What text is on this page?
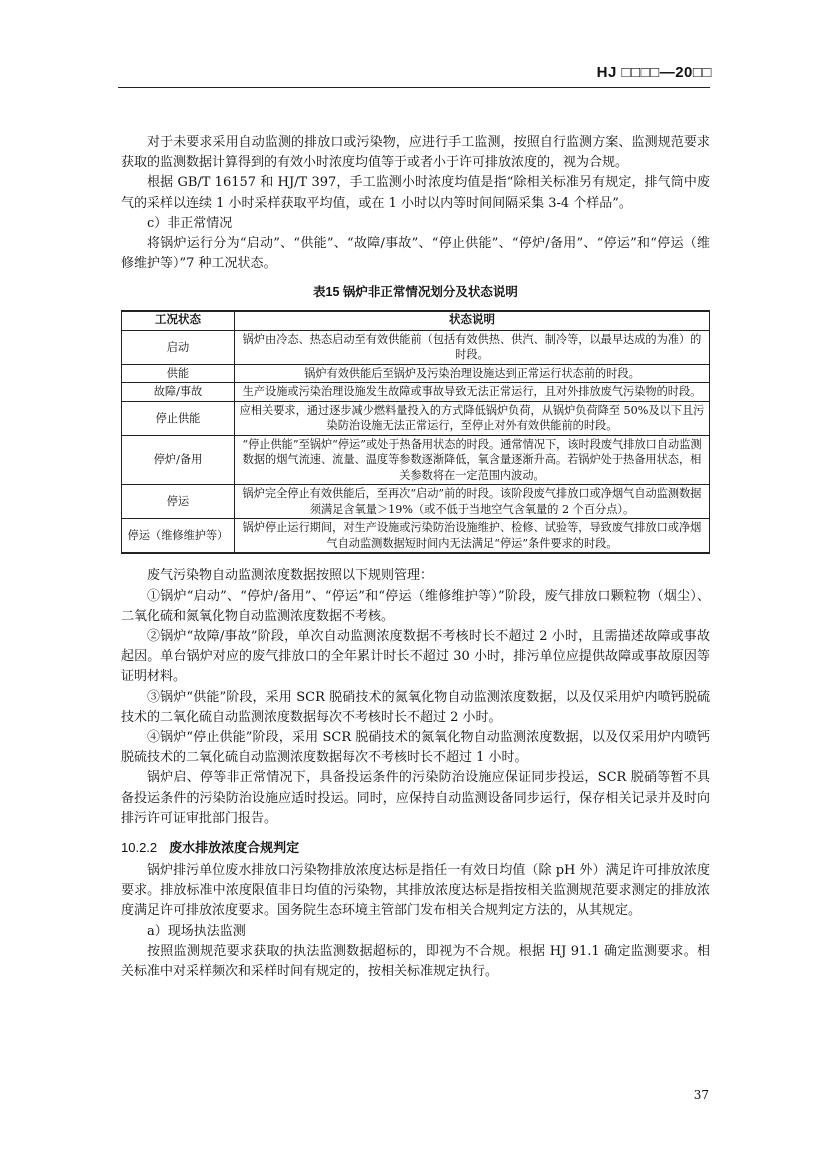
HJ □□□□—20□□

对于未要求采用自动监测的排放口或污染物，应进行手工监测，按照自行监测方案、监测规范要求获取的监测数据计算得到的有效小时浓度均值等于或者小于许可排放浓度的，视为合规。

根据 GB/T 16157 和 HJ/T 397，手工监测小时浓度均值是指“除相关标准另有规定，排气筒中废气的采样以连续 1 小时采样获取平均值，或在 1 小时以内等时间间隔采集 3-4 个样品”。

c）非正常情况

将锅炉运行分为“启动”、“供能”、“故障/事故”、“停止供能”、“停炉/备用”、“停运”和“停运（维修维护等）”7 种工况状态。

表15 锅炉非正常情况划分及状态说明
工况状态	状态说明
启动	锅炉由冷态、热态启动至有效供能前（包括有效供热、供汽、制冷等，以最早达成的为准）的时段。
供能	锅炉有效供能后至锅炉及污染治理设施达到正常运行状态前的时段。
故障/事故	生产设施或污染治理设施发生故障或事故导致无法正常运行，且对外排放废气污染物的时段。
停止供能	应相关要求，通过逐步减少燃料量投入的方式降低锅炉负荷，从锅炉负荷降至 50%及以下且污染防治设施无法正常运行，至停止对外有效供能前的时段。
停炉/备用	“停止供能”至锅炉“停运”或处于热备用状态的时段。通常情况下，该时段废气排放口自动监测数据的烟气流速、流量、温度等参数逐渐降低，氧含量逐渐升高。若锅炉处于热备用状态，相关参数将在一定范围内波动。
停运	锅炉完全停止有效供能后，至再次“启动”前的时段。该阶段废气排放口或净烟气自动监测数据须满足含氧量＞19%（或不低于当地空气含氧量的 2 个百分点）。
停运（维修维护等）	锅炉停止运行期间，对生产设施或污染防治设施维护、检修、试验等，导致废气排放口或净烟气自动监测数据短时间内无法满足“停运”条件要求的时段。

废气污染物自动监测浓度数据按照以下规则管理：

①锅炉“启动”、“停炉/备用”、“停运”和“停运（维修维护等）”阶段，废气排放口颗粒物（烟尘）、二氧化硫和氮氧化物自动监测浓度数据不考核。

②锅炉“故障/事故”阶段，单次自动监测浓度数据不考核时长不超过 2 小时，且需描述故障或事故起因。单台锅炉对应的废气排放口的全年累计时长不超过 30 小时，排污单位应提供故障或事故原因等证明材料。

③锅炉“供能”阶段，采用 SCR 脱硝技术的氮氧化物自动监测浓度数据，以及仅采用炉内喷钙脱硫技术的二氧化硫自动监测浓度数据每次不考核时长不超过 2 小时。

④锅炉“停止供能”阶段，采用 SCR 脱硝技术的氮氧化物自动监测浓度数据，以及仅采用炉内喷钙脱硫技术的二氧化硫自动监测浓度数据每次不考核时长不超过 1 小时。

锅炉启、停等非正常情况下，具备投运条件的污染防治设施应保证同步投运，SCR 脱硝等暂不具备投运条件的污染防治设施应适时投运。同时，应保持自动监测设备同步运行，保存相关记录并及时向排污许可证审批部门报告。

10.2.2 废水排放浓度合规判定

锅炉排污单位废水排放口污染物排放浓度达标是指任一有效日均值（除 pH 外）满足许可排放浓度要求。排放标准中浓度限值非日均值的污染物，其排放浓度达标是指按相关监测规范要求测定的排放浓度满足许可排放浓度要求。国务院生态环境主管部门发布相关合规判定方法的，从其规定。

a）现场执法监测

按照监测规范要求获取的执法监测数据超标的，即视为不合规。根据 HJ 91.1 确定监测要求。相关标准中对采样频次和采样时间有规定的，按相关标准规定执行。

37
